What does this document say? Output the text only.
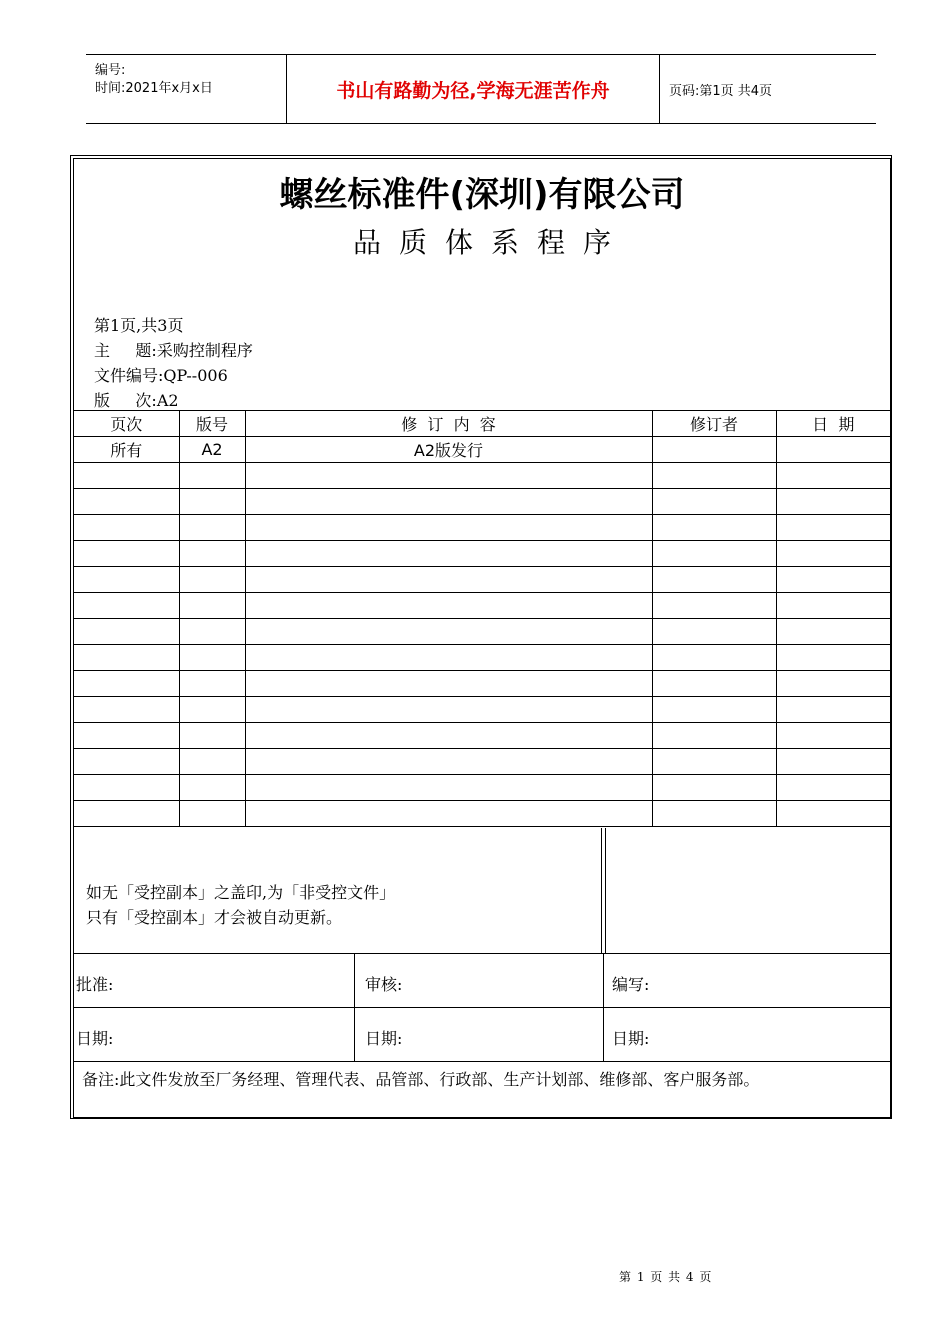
编号:
时间:2021年x月x日	书山有路勤为径,学海无涯苦作舟	页码:第1页 共4页
螺丝标准件(深圳)有限公司
品质体系程序
第1页,共3页
主     题:采购控制程序
文件编号:QP--006
版     次:A2
页次	版号	修  订  内  容	修订者	日  期
所有	A2	A2版发行		

如无「受控副本」之盖印,为「非受控文件」
只有「受控副本」才会被自动更新。
批准:	审核:	编写:
日期:	日期:	日期:
备注:此文件发放至厂务经理、管理代表、品管部、行政部、生产计划部、维修部、客户服务部。
第 1 页 共 4 页
